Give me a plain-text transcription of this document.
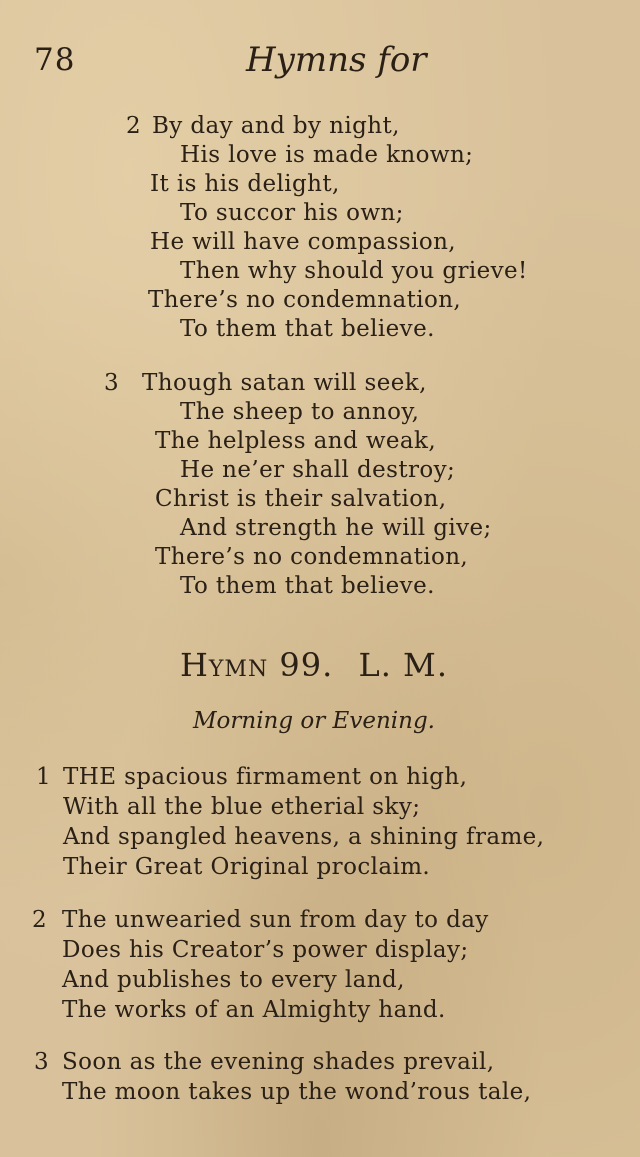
78	Hymns for
2 By day and by night,
His love is made known;
It is his delight,
To succor his own;
He will have compassion,
Then why should you grieve!
There’s no condemnation,
To them that believe.
3 Though satan will seek,
The sheep to annoy,
The helpless and weak,
He ne’er shall destroy;
Christ is their salvation,
And strength he will give;
There’s no condemnation,
To them that believe.
Hymn 99. L. M.
Morning or Evening.
1 THE spacious firmament on high,
With all the blue etherial sky;
And spangled heavens, a shining frame,
Their Great Original proclaim.
2 The unwearied sun from day to day
Does his Creator’s power display;
And publishes to every land,
The works of an Almighty hand.
3 Soon as the evening shades prevail,
The moon takes up the wond’rous tale,
